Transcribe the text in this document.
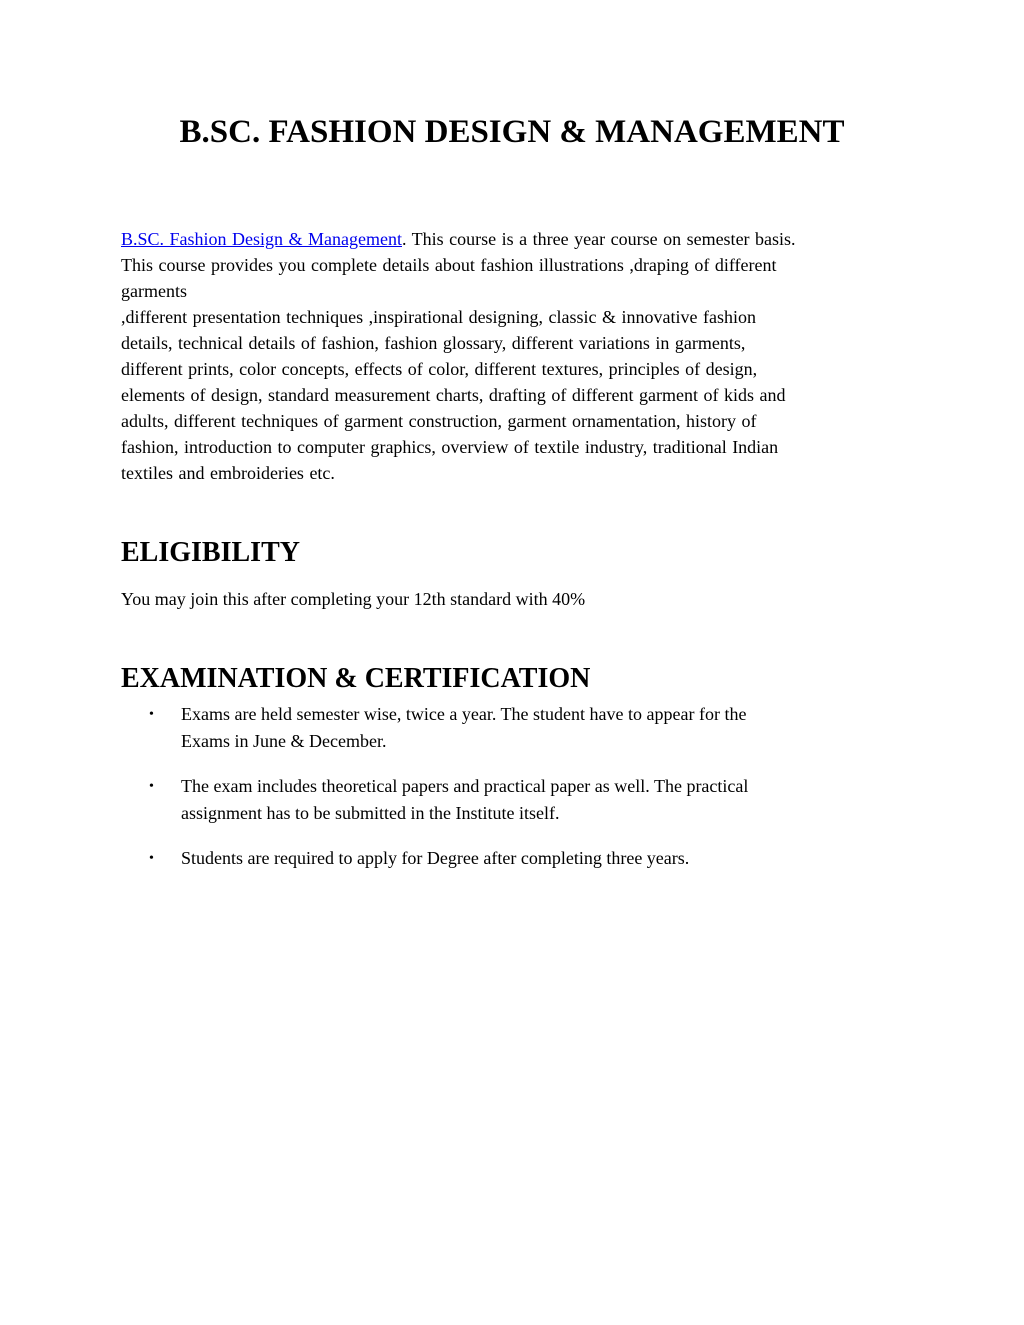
B.SC. FASHION DESIGN & MANAGEMENT

B.SC. Fashion Design & Management. This course is a three year course on semester basis.
This course provides you complete details about fashion illustrations ,draping of different
garments
,different presentation techniques ,inspirational designing, classic & innovative fashion
details, technical details of fashion, fashion glossary, different variations in garments,
different prints, color concepts, effects of color, different textures, principles of design,
elements of design, standard measurement charts, drafting of different garment of kids and
adults, different techniques of garment construction, garment ornamentation, history of
fashion, introduction to computer graphics, overview of textile industry, traditional Indian
textiles and embroideries etc.

ELIGIBILITY

You may join this after completing your 12th standard with 40%

EXAMINATION & CERTIFICATION
• Exams are held semester wise, twice a year. The student have to appear for the
Exams in June & December.
• The exam includes theoretical papers and practical paper as well. The practical
assignment has to be submitted in the Institute itself.
• Students are required to apply for Degree after completing three years.
